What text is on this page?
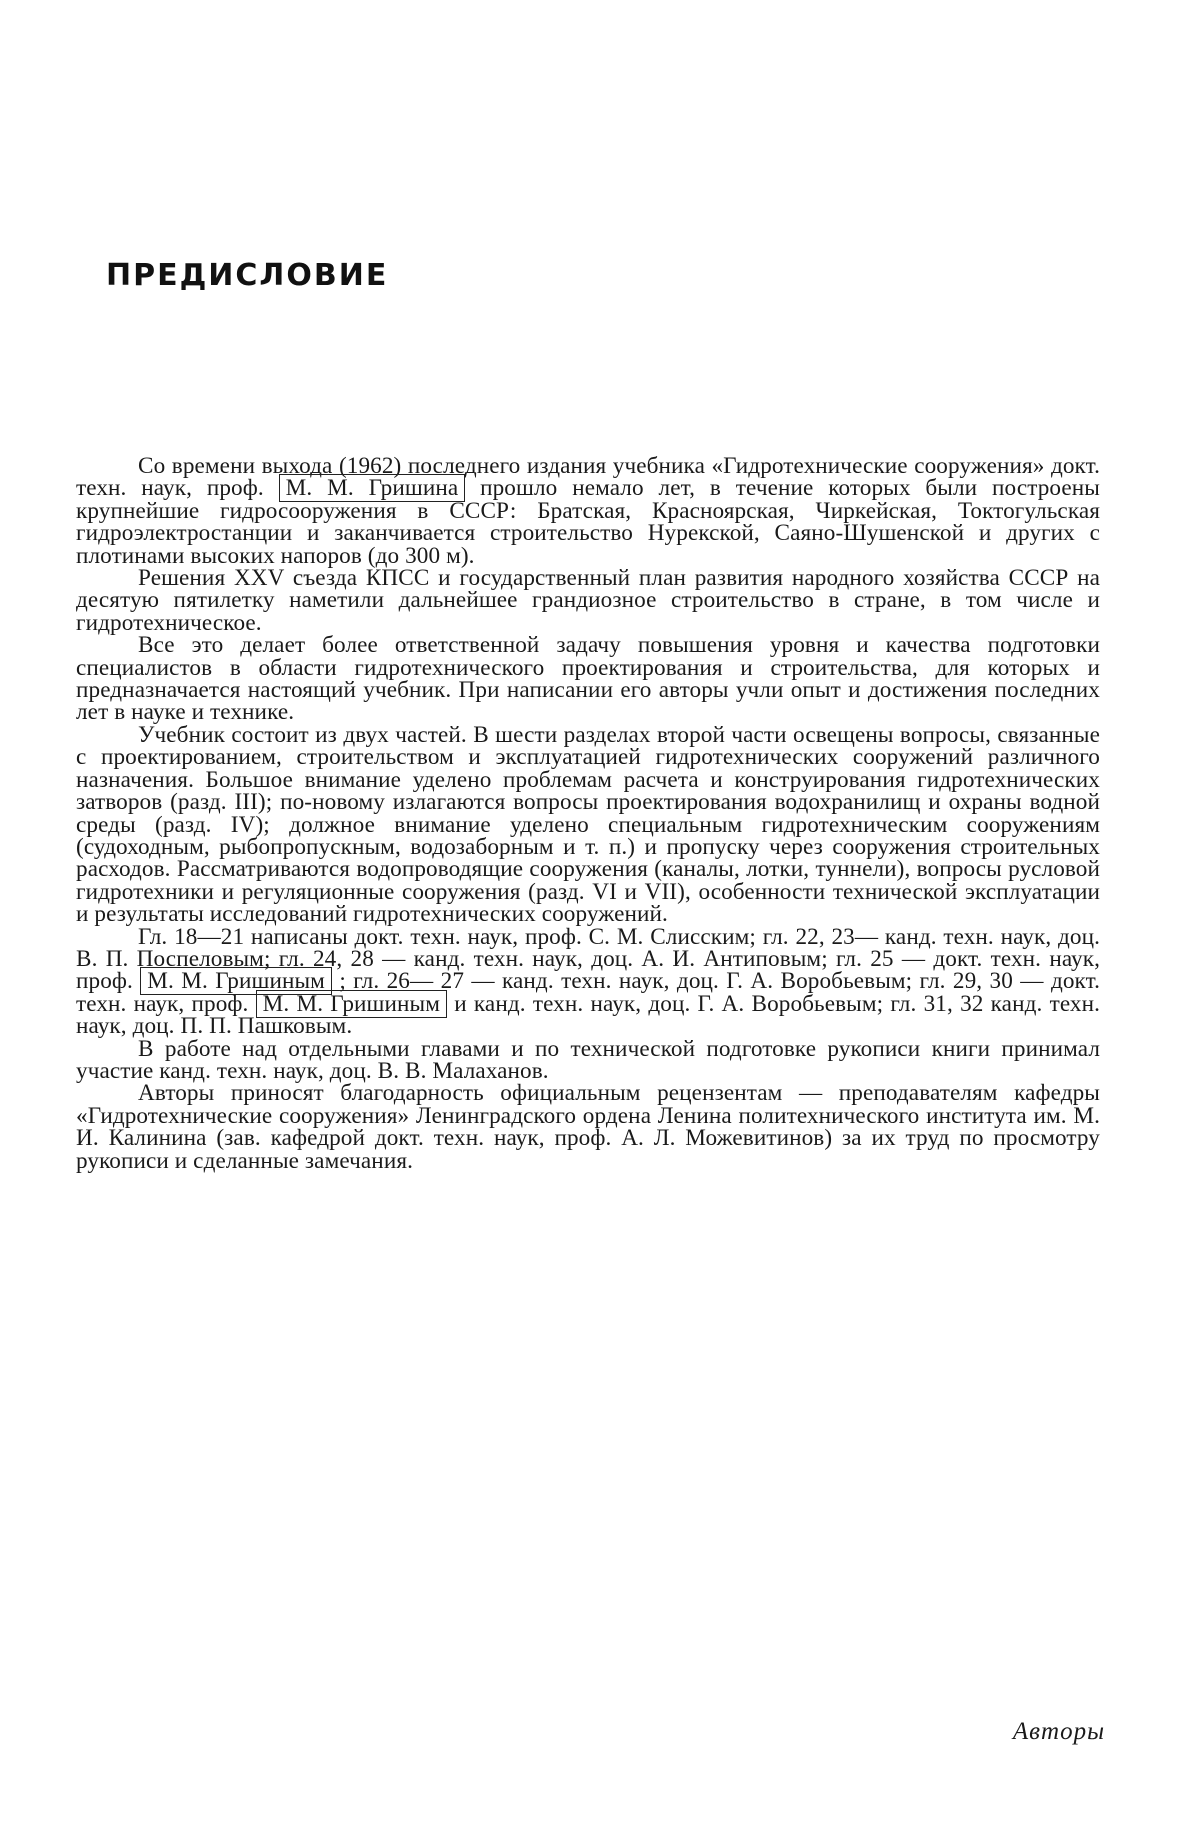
ПРЕДИСЛОВИЕ

Со времени выхода (1962) последнего издания учебника «Гидротехнические сооружения» докт. техн. наук, проф. М. М. Гришина прошло немало лет, в течение которых были построены крупнейшие гидросооружения в СССР: Братская, Красноярская, Чиркейская, Токтогульская гидроэлектростанции и заканчивается строительство Нурекской, Саяно-Шушенской и других с плотинами высоких напоров (до 300 м).

Решения XXV съезда КПСС и государственный план развития народного хозяйства СССР на десятую пятилетку наметили дальнейшее грандиозное строительство в стране, в том числе и гидротехническое.

Все это делает более ответственной задачу повышения уровня и качества подготовки специалистов в области гидротехнического проектирования и строительства, для которых и предназначается настоящий учебник. При написании его авторы учли опыт и достижения последних лет в науке и технике.

Учебник состоит из двух частей. В шести разделах второй части освещены вопросы, связанные с проектированием, строительством и эксплуатацией гидротехнических сооружений различного назначения. Большое внимание уделено проблемам расчета и конструирования гидротехнических затворов (разд. III); по-новому излагаются вопросы проектирования водохранилищ и охраны водной среды (разд. IV); должное внимание уделено специальным гидротехническим сооружениям (судоходным, рыбопропускным, водозаборным и т. п.) и пропуску через сооружения строительных расходов. Рассматриваются водопроводящие сооружения (каналы, лотки, туннели), вопросы русловой гидротехники и регуляционные сооружения (разд. VI и VII), особенности технической эксплуатации и результаты исследований гидротехнических сооружений.

Гл. 18—21 написаны докт. техн. наук, проф. С. М. Слисским; гл. 22, 23— канд. техн. наук, доц. В. П. Поспеловым; гл. 24, 28 — канд. техн. наук, доц. А. И. Антиповым; гл. 25 — докт. техн. наук, проф. М. М. Гришиным ; гл. 26— 27 — канд. техн. наук, доц. Г. А. Воробьевым; гл. 29, 30 — докт. техн. наук, проф. М. М. Гришиным и канд. техн. наук, доц. Г. А. Воробьевым; гл. 31, 32 канд. техн. наук, доц. П. П. Пашковым.

В работе над отдельными главами и по технической подготовке рукописи книги принимал участие канд. техн. наук, доц. В. В. Малаханов.

Авторы приносят благодарность официальным рецензентам — преподавателям кафедры «Гидротехнические сооружения» Ленинградского ордена Ленина политехнического института им. М. И. Калинина (зав. кафедрой докт. техн. наук, проф. А. Л. Можевитинов) за их труд по просмотру рукописи и сделанные замечания.

Авторы
